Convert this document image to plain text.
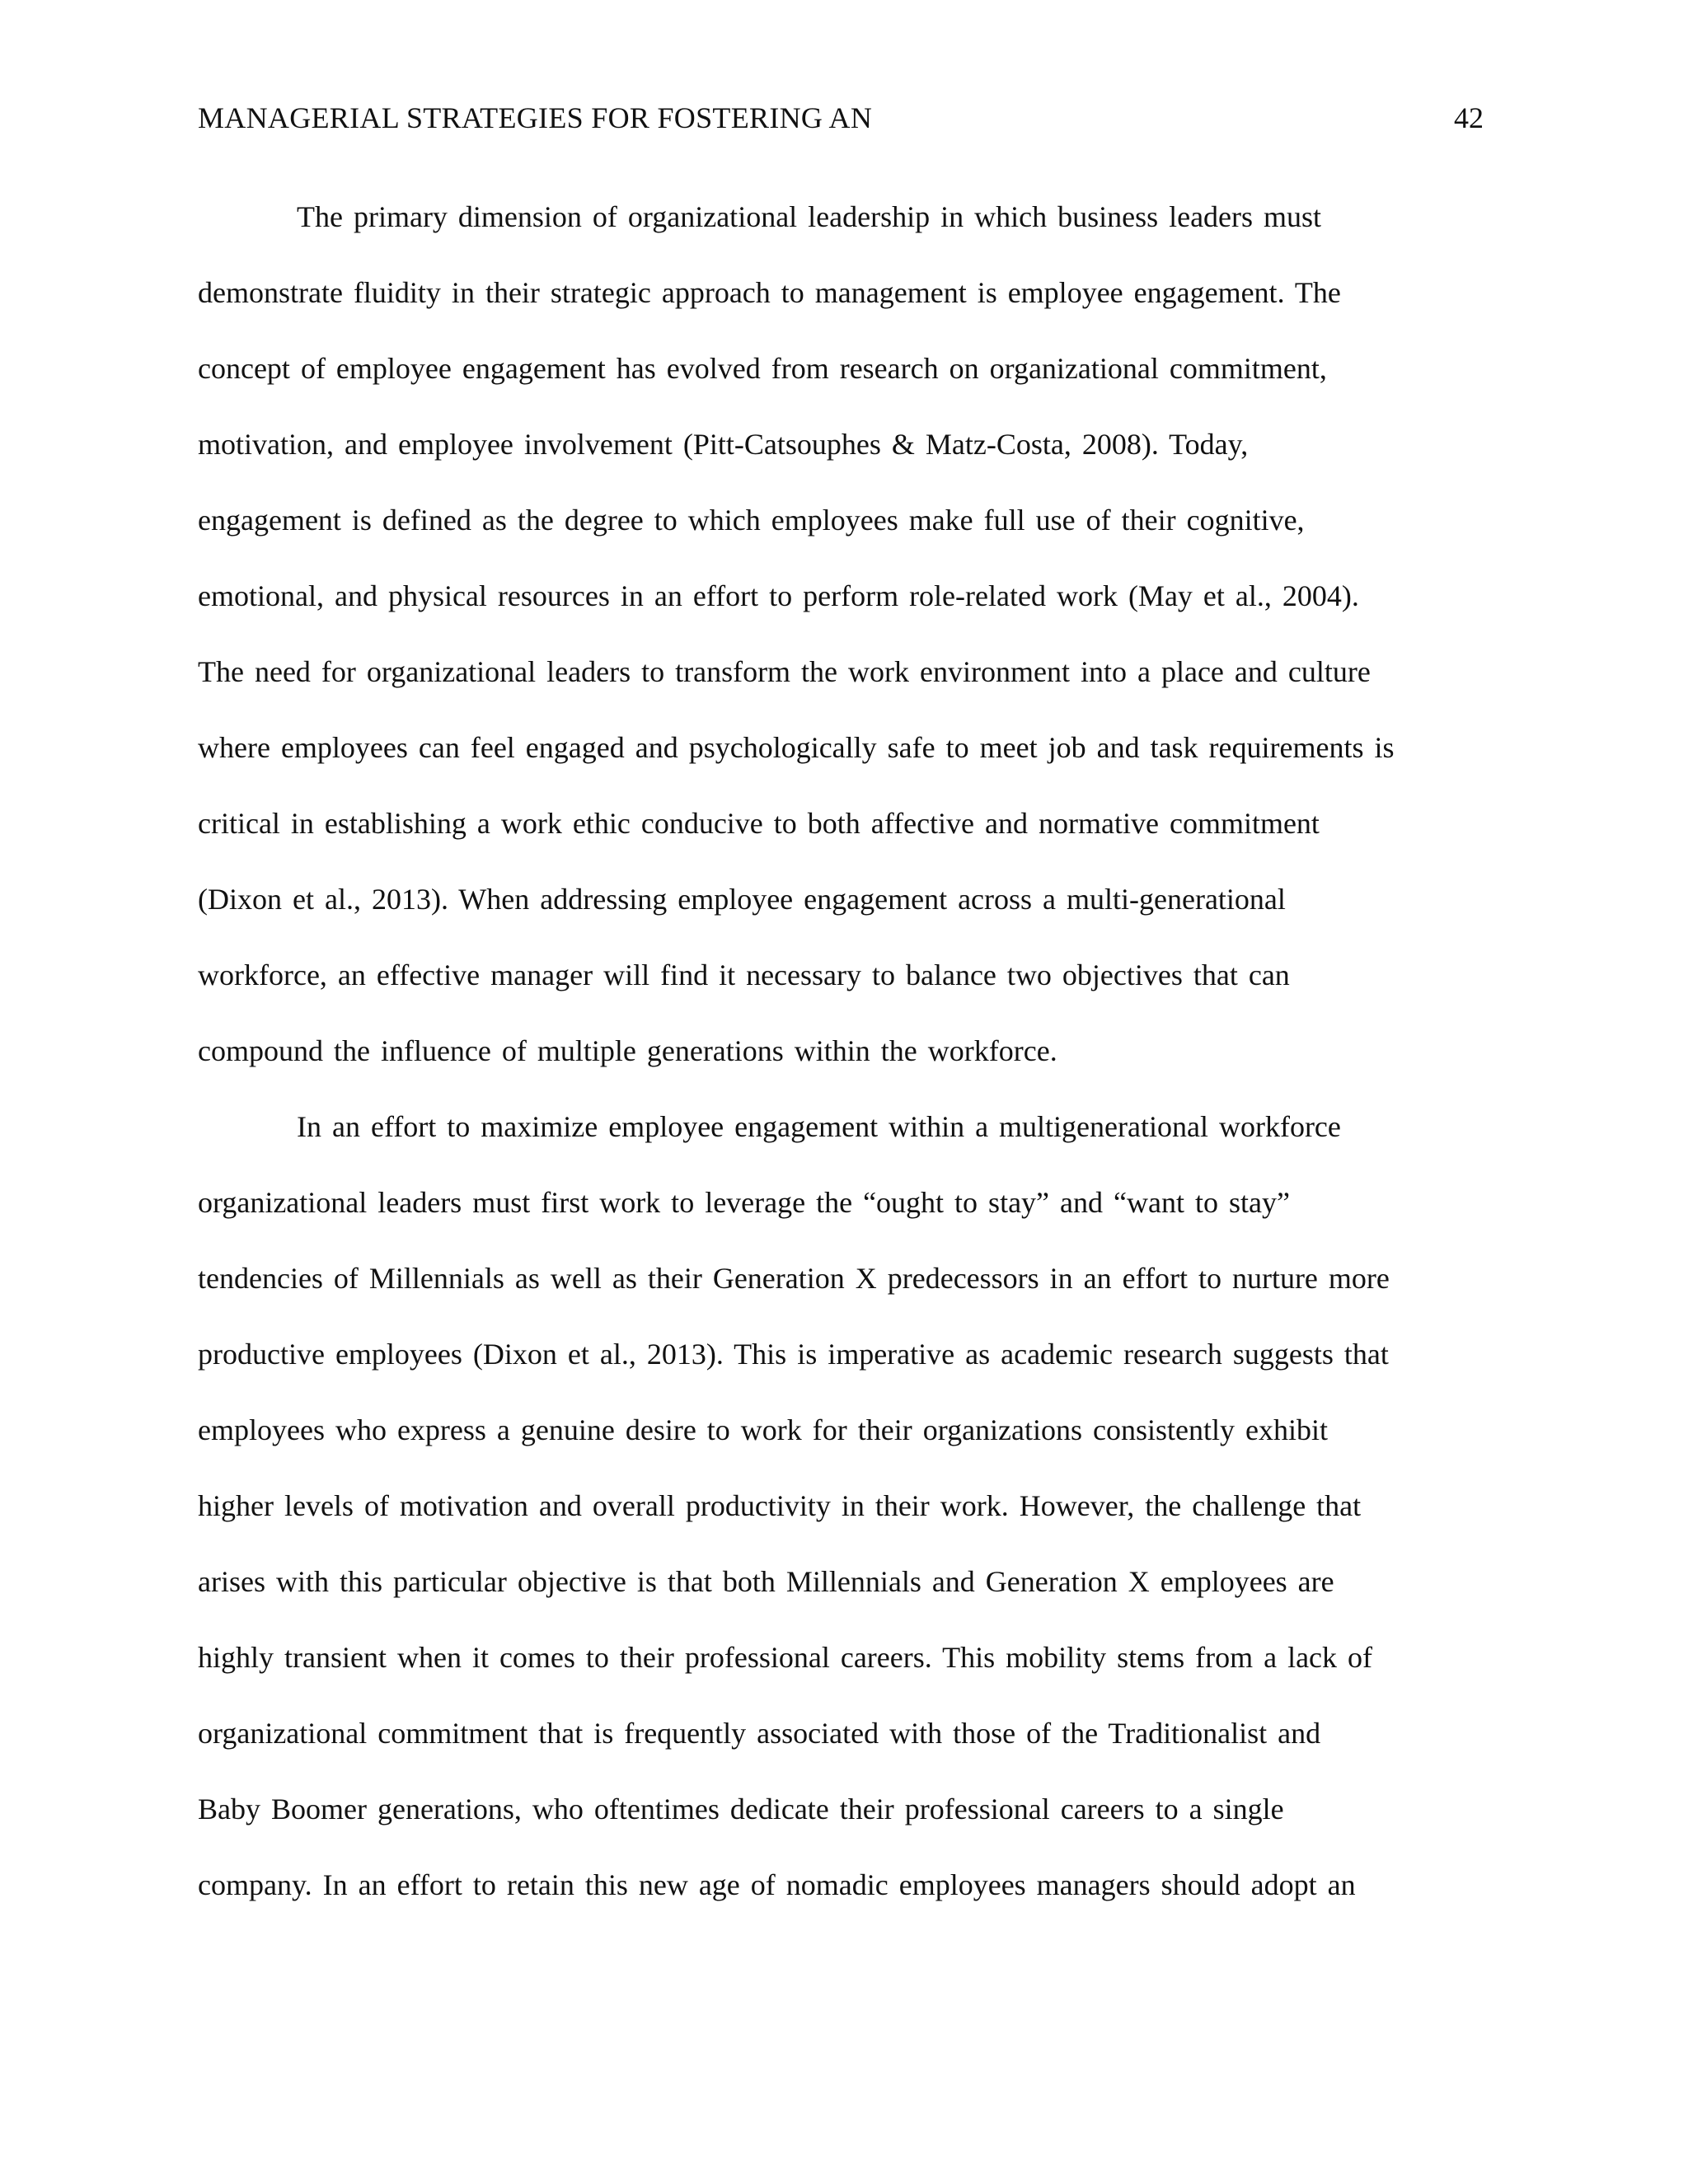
MANAGERIAL STRATEGIES FOR FOSTERING AN	42
The primary dimension of organizational leadership in which business leaders must
demonstrate fluidity in their strategic approach to management is employee engagement. The
concept of employee engagement has evolved from research on organizational commitment,
motivation, and employee involvement (Pitt-Catsouphes & Matz-Costa, 2008). Today,
engagement is defined as the degree to which employees make full use of their cognitive,
emotional, and physical resources in an effort to perform role-related work (May et al., 2004).
The need for organizational leaders to transform the work environment into a place and culture
where employees can feel engaged and psychologically safe to meet job and task requirements is
critical in establishing a work ethic conducive to both affective and normative commitment
(Dixon et al., 2013). When addressing employee engagement across a multi-generational
workforce, an effective manager will find it necessary to balance two objectives that can
compound the influence of multiple generations within the workforce.
In an effort to maximize employee engagement within a multigenerational workforce
organizational leaders must first work to leverage the “ought to stay” and “want to stay”
tendencies of Millennials as well as their Generation X predecessors in an effort to nurture more
productive employees (Dixon et al., 2013). This is imperative as academic research suggests that
employees who express a genuine desire to work for their organizations consistently exhibit
higher levels of motivation and overall productivity in their work. However, the challenge that
arises with this particular objective is that both Millennials and Generation X employees are
highly transient when it comes to their professional careers. This mobility stems from a lack of
organizational commitment that is frequently associated with those of the Traditionalist and
Baby Boomer generations, who oftentimes dedicate their professional careers to a single
company. In an effort to retain this new age of nomadic employees managers should adopt an
